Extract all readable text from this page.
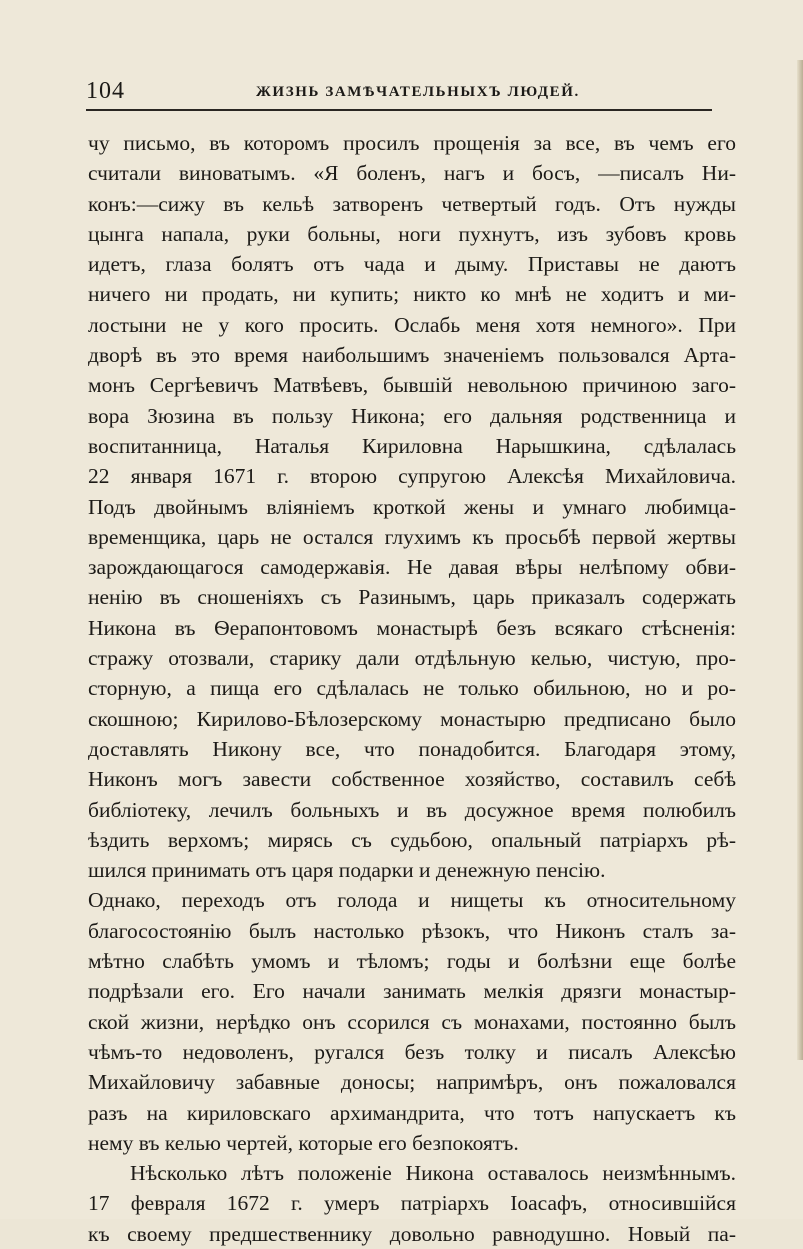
104	ЖИЗНЬ ЗАМѢЧАТЕЛЬНЫХЪ ЛЮДЕЙ.
чу письмо, въ которомъ просилъ прощенія за все, въ чемъ его
считали виноватымъ. «Я боленъ, нагъ и босъ, —писалъ Ни-
конъ:—сижу въ кельѣ затворенъ четвертый годъ. Отъ нужды
цынга напала, руки больны, ноги пухнутъ, изъ зубовъ кровь
идетъ, глаза болятъ отъ чада и дыму. Приставы не даютъ
ничего ни продать, ни купить; никто ко мнѣ не ходитъ и ми-
лостыни не у кого просить. Ослабь меня хотя немного». При
дворѣ въ это время наибольшимъ значеніемъ пользовался Арта-
монъ Сергѣевичъ Матвѣевъ, бывшій невольною причиною заго-
вора Зюзина въ пользу Никона; его дальняя родственница и
воспитанница, Наталья Кириловна Нарышкина, сдѣлалась
22 января 1671 г. второю супругою Алексѣя Михайловича.
Подъ двойнымъ вліяніемъ кроткой жены и умнаго любимца-
временщика, царь не остался глухимъ къ просьбѣ первой жертвы
зарождающагося самодержавія. Не давая вѣры нелѣпому обви-
ненію въ сношеніяхъ съ Разинымъ, царь приказалъ содержать
Никона въ Ѳерапонтовомъ монастырѣ безъ всякаго стѣсненія:
стражу отозвали, старику дали отдѣльную келью, чистую, про-
сторную, а пища его сдѣлалась не только обильною, но и ро-
скошною; Кирилово-Бѣлозерскому монастырю предписано было
доставлять Никону все, что понадобится. Благодаря этому,
Никонъ могъ завести собственное хозяйство, составилъ себѣ
библіотеку, лечилъ больныхъ и въ досужное время полюбилъ
ѣздить верхомъ; мирясь съ судьбою, опальный патріархъ рѣ-
шился принимать отъ царя подарки и денежную пенсію.
Однако, переходъ отъ голода и нищеты къ относительному
благосостоянію былъ настолько рѣзокъ, что Никонъ сталъ за-
мѣтно слабѣть умомъ и тѣломъ; годы и болѣзни еще болѣе
подрѣзали его. Его начали занимать мелкія дрязги монастыр-
ской жизни, нерѣдко онъ ссорился съ монахами, постоянно былъ
чѣмъ-то недоволенъ, ругался безъ толку и писалъ Алексѣю
Михайловичу забавные доносы; напримѣръ, онъ пожаловался
разъ на кириловскаго архимандрита, что тотъ напускаетъ къ
нему въ келью чертей, которые его безпокоятъ.
Нѣсколько лѣтъ положеніе Никона оставалось неизмѣннымъ.
17 февраля 1672 г. умеръ патріархъ Іоасафъ, относившійся
къ своему предшественнику довольно равнодушно. Новый па-
